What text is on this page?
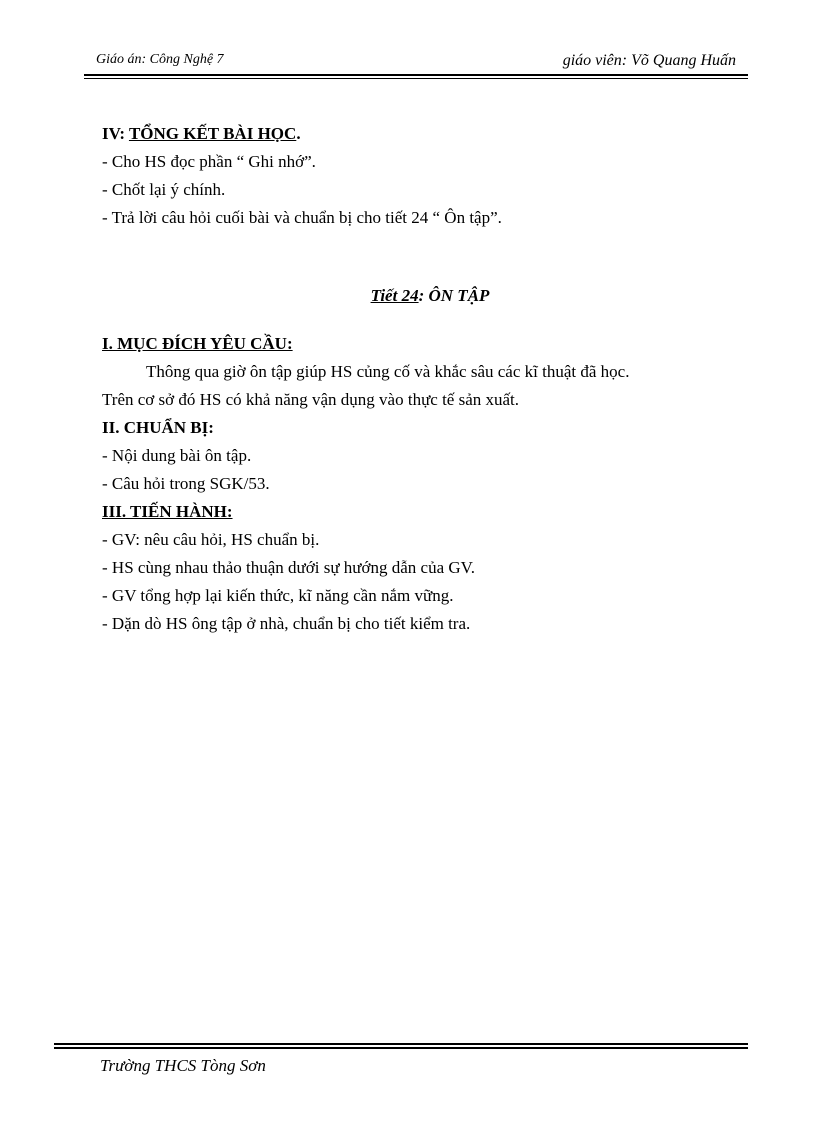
Giáo án: Công Nghệ 7	giáo viên: Võ Quang Huấn
IV: TỔNG KẾT BÀI HỌC.
- Cho HS đọc phần “ Ghi nhớ”.
- Chốt lại ý chính.
- Trả lời câu hỏi cuối bài và chuẩn bị cho tiết 24 “ Ôn tập”.
Tiết 24: ÔN TẬP
I. MỤC ĐÍCH YÊU CẦU:
Thông qua giờ ôn tập giúp HS củng cố và khắc sâu các kĩ thuật đã học.
Trên cơ sở đó HS có khả năng vận dụng vào thực tế sản xuất.
II. CHUẨN BỊ:
- Nội dung bài ôn tập.
- Câu hỏi trong SGK/53.
III. TIẾN HÀNH:
- GV: nêu câu hỏi, HS chuẩn bị.
- HS cùng nhau thảo thuận dưới sự hướng dẫn của GV.
- GV tổng hợp lại kiến thức, kĩ năng cần nắm vững.
- Dặn dò HS ông tập ở nhà, chuẩn bị cho tiết kiểm tra.
Trường THCS Tòng Sơn
